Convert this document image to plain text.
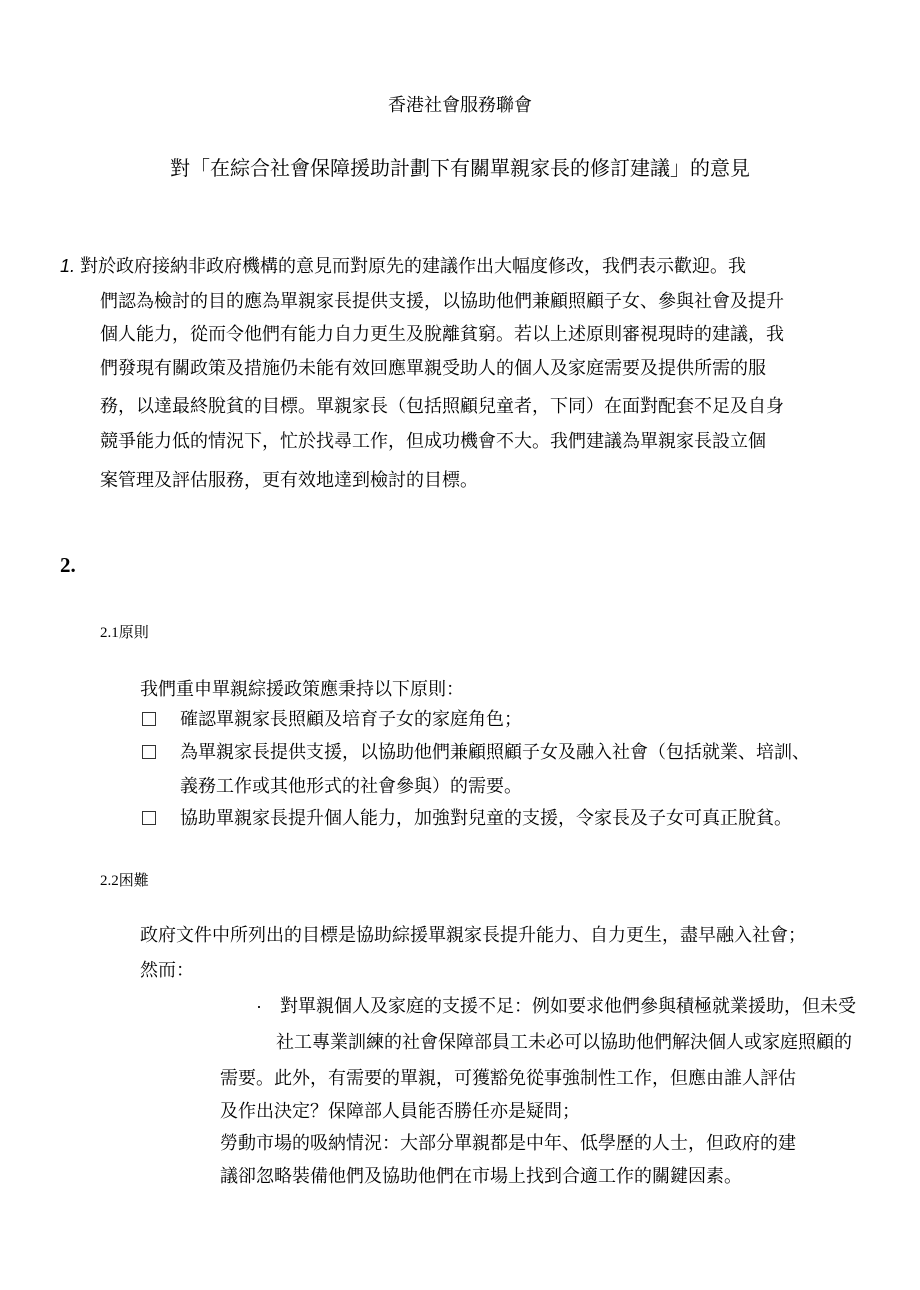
香港社會服務聯會
對「在綜合社會保障援助計劃下有關單親家長的修訂建議」的意見
1. 對於政府接納非政府機構的意見而對原先的建議作出大幅度修改，我們表示歡迎。我
們認為檢討的目的應為單親家長提供支援，以協助他們兼顧照顧子女、參與社會及提升
個人能力，從而令他們有能力自力更生及脫離貧窮。若以上述原則審視現時的建議，我
們發現有關政策及措施仍未能有效回應單親受助人的個人及家庭需要及提供所需的服
務，以達最終脫貧的目標。單親家長（包括照顧兒童者，下同）在面對配套不足及自身
競爭能力低的情況下，忙於找尋工作，但成功機會不大。我們建議為單親家長設立個
案管理及評估服務，更有效地達到檢討的目標。
2.
2.1原則
我們重申單親綜援政策應秉持以下原則：
確認單親家長照顧及培育子女的家庭角色；
為單親家長提供支援，以協助他們兼顧照顧子女及融入社會（包括就業、培訓、
義務工作或其他形式的社會參與）的需要。
協助單親家長提升個人能力，加強對兒童的支援，令家長及子女可真正脫貧。
2.2困難
政府文件中所列出的目標是協助綜援單親家長提升能力、自力更生，盡早融入社會；
然而：
· 對單親個人及家庭的支援不足：例如要求他們參與積極就業援助，但未受
社工專業訓練的社會保障部員工未必可以協助他們解決個人或家庭照顧的
需要。此外，有需要的單親，可獲豁免從事強制性工作，但應由誰人評估
及作出決定？保障部人員能否勝任亦是疑問；
勞動市場的吸納情況：大部分單親都是中年、低學歷的人士，但政府的建
議卻忽略裝備他們及協助他們在市場上找到合適工作的關鍵因素。
